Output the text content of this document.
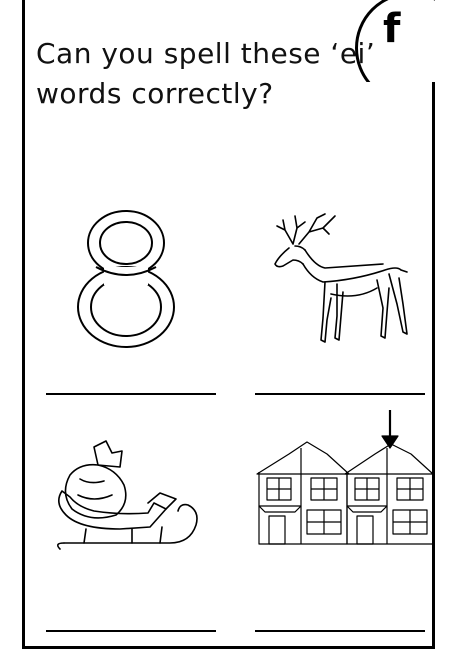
f
Can you spell these ‘ei’ words correctly?
